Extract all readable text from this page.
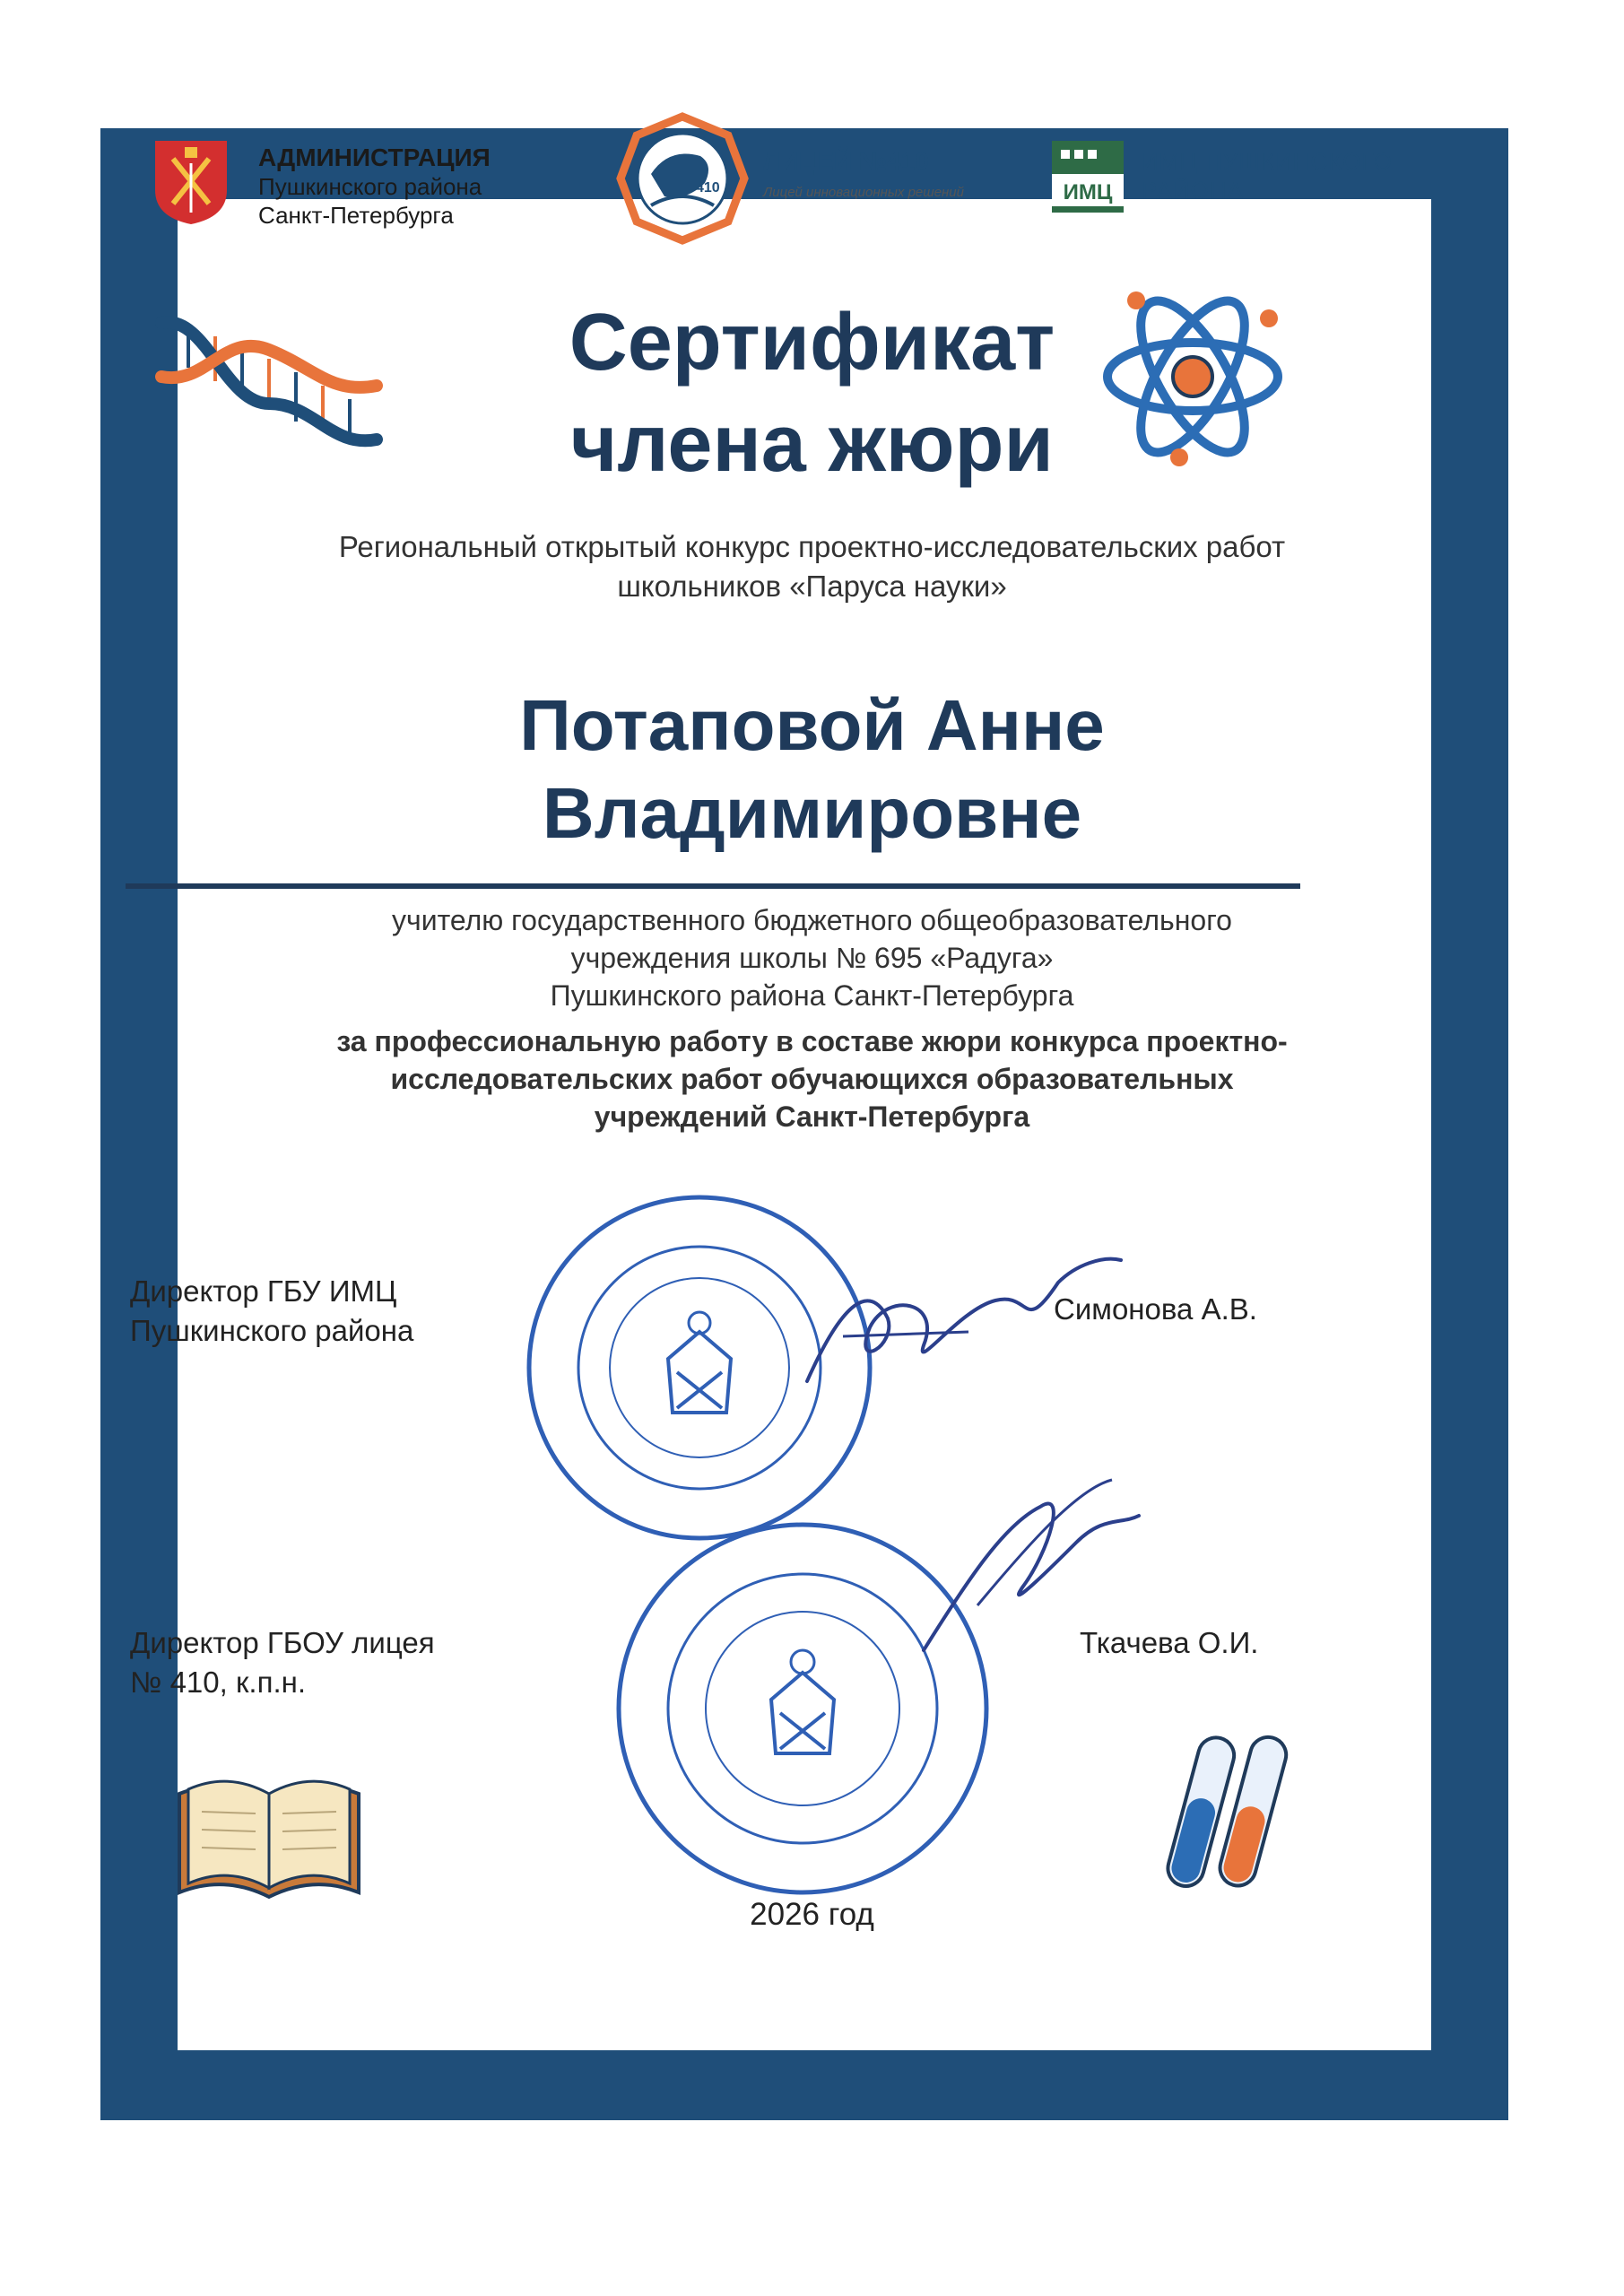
АДМИНИСТРАЦИЯ
Пушкинского района
Санкт-Петербурга
410
ЛИЦЕЙ №410
Лицей инновационных решений	ИМЦ
ИМЦ ПУШКИНСКОГО
РАЙОНА
Сертификат
члена жюри
Региональный открытый конкурс проектно-исследовательских работ
школьников «Паруса науки»
Потаповой Анне
Владимировне
учителю государственного бюджетного общеобразовательного
учреждения школы № 695 «Радуга»
Пушкинского района Санкт-Петербурга
за профессиональную работу в составе жюри конкурса проектно-
исследовательских работ обучающихся образовательных
учреждений Санкт-Петербурга
Директор ГБУ ИМЦ
Пушкинского района
Симонова А.В.
Директор ГБОУ лицея
№ 410, к.п.н.
Ткачева О.И.
2026 год
